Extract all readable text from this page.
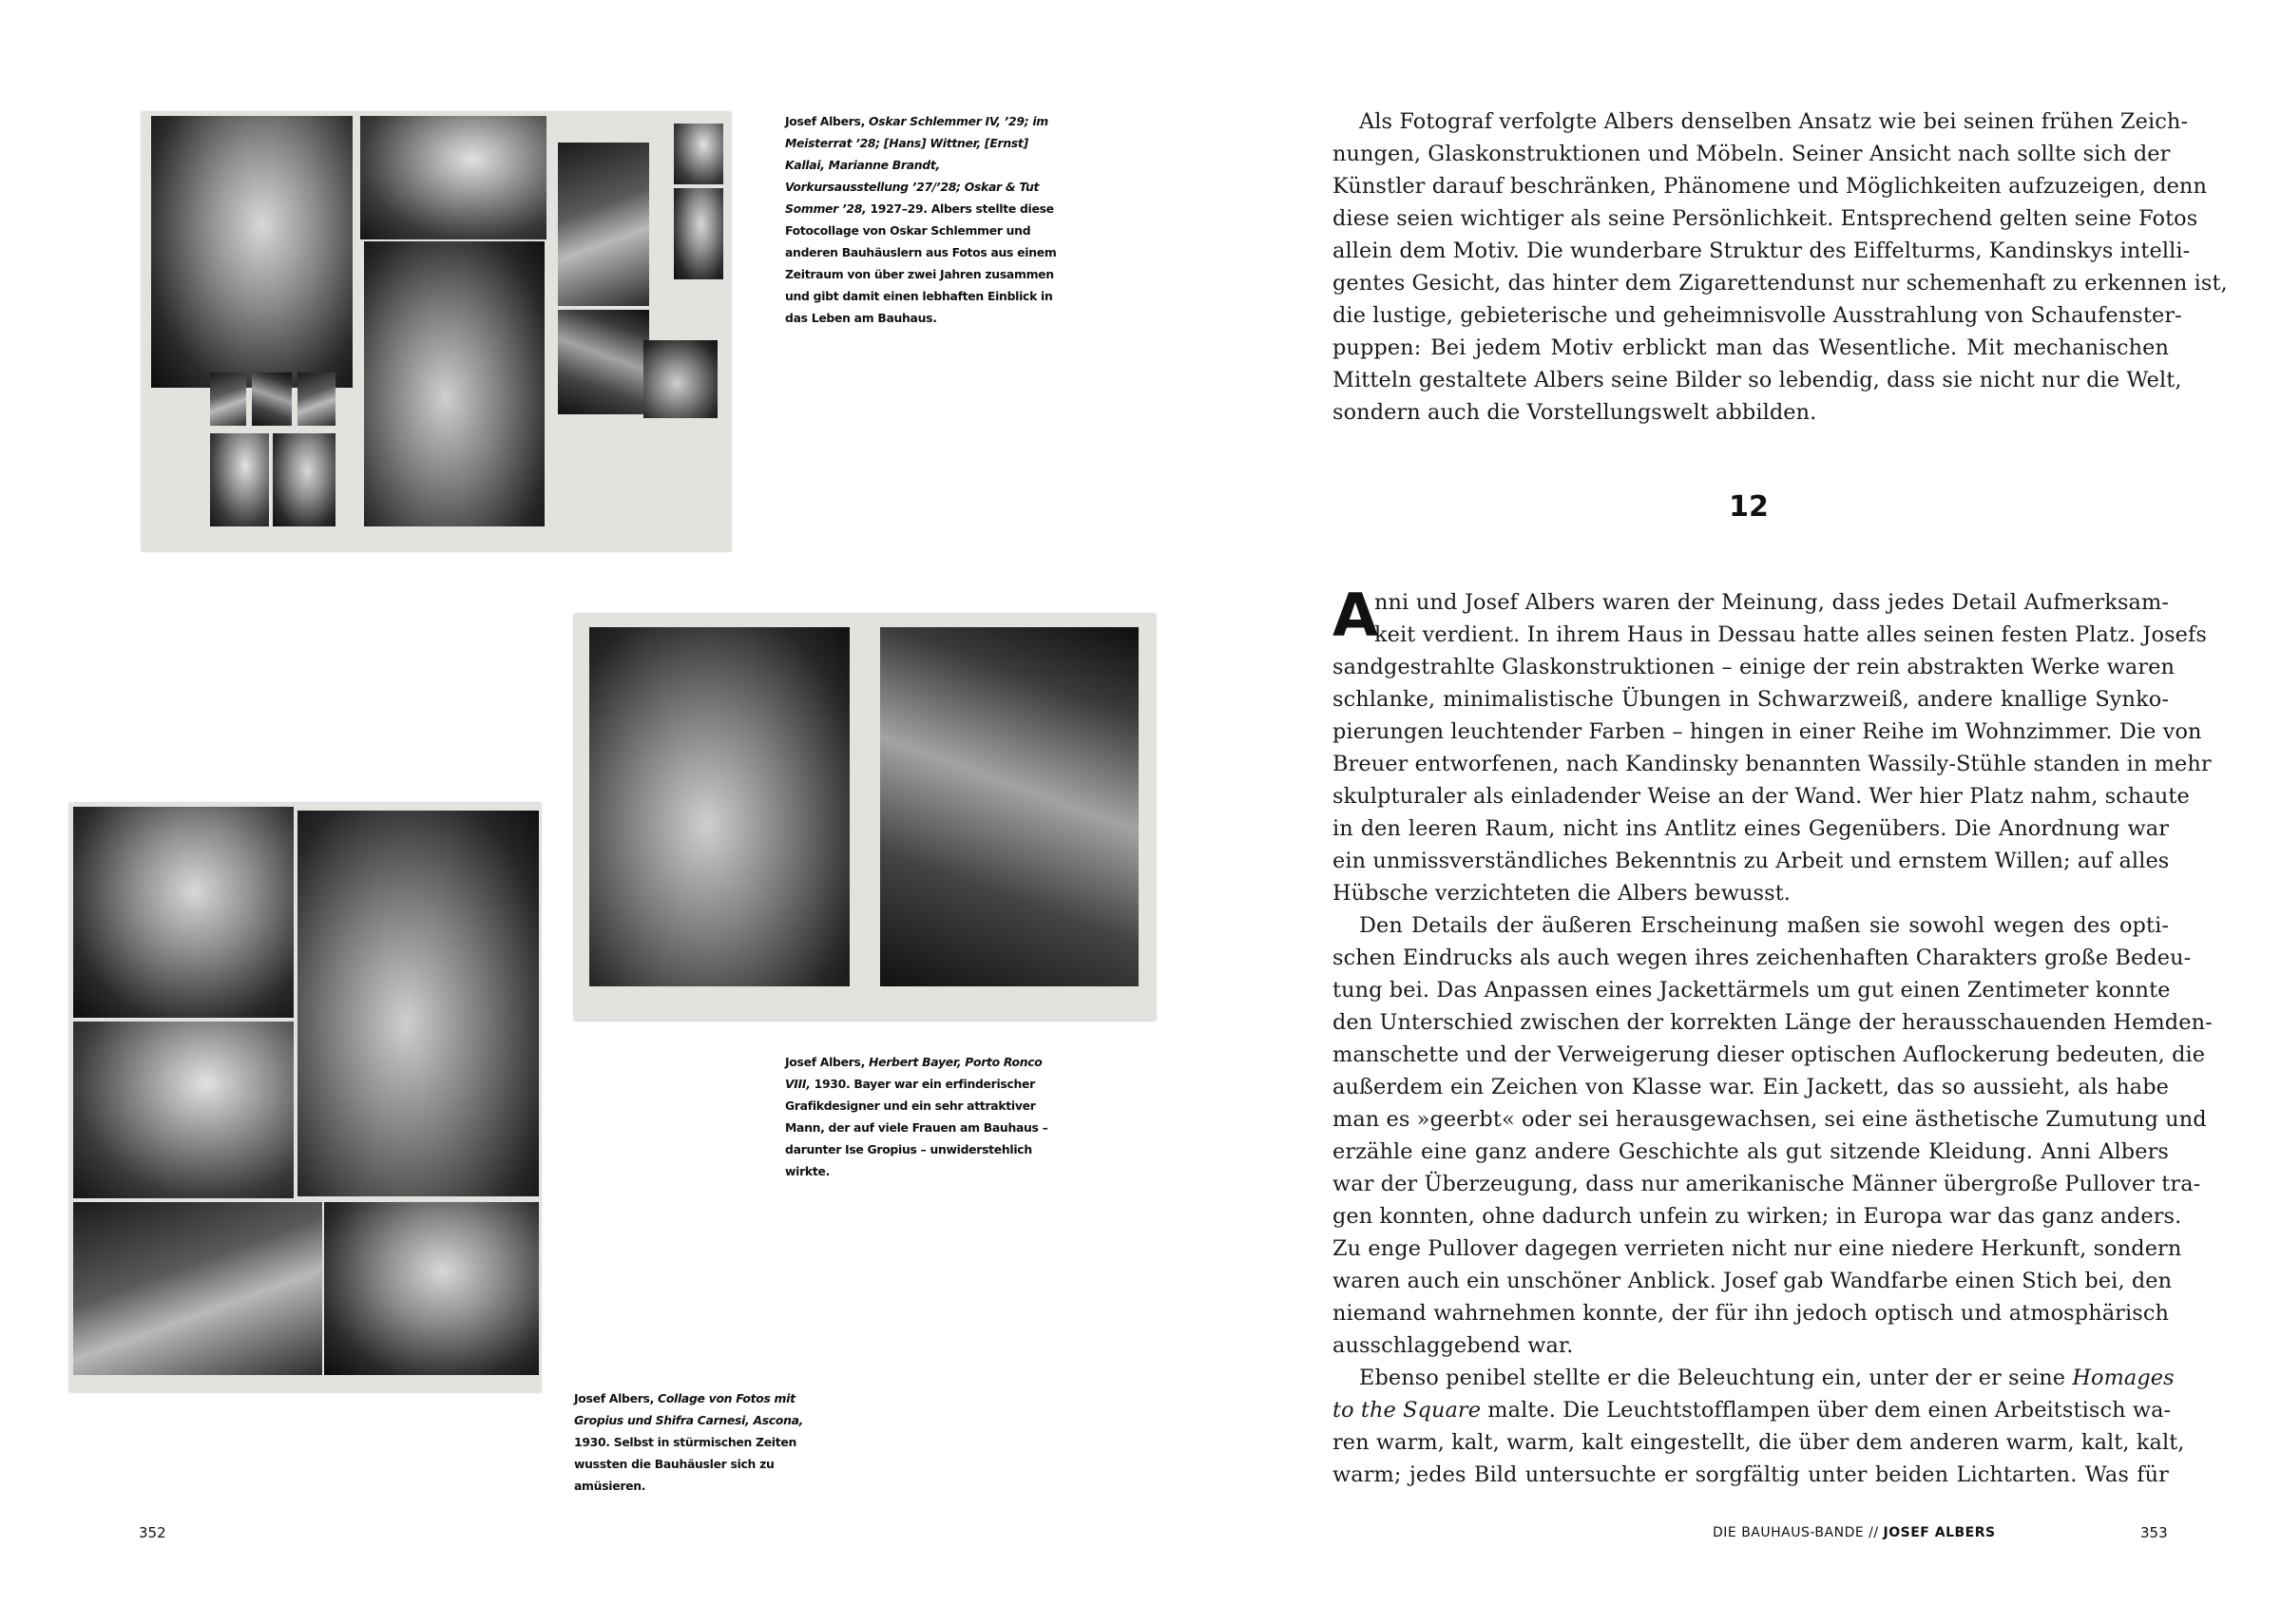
Josef Albers, Oskar Schlemmer IV, ’29; im Meisterrat ’28; [Hans] Wittner, [Ernst] Kallai, Marianne Brandt, Vorkursausstellung ’27/’28; Oskar & Tut Sommer ’28, 1927–29. Albers stellte diese Fotocollage von Oskar Schlemmer und anderen Bauhäuslern aus Fotos aus einem Zeitraum von über zwei Jahren zusammen und gibt damit einen lebhaften Einblick in das Leben am Bauhaus.
Josef Albers, Herbert Bayer, Porto Ronco VIII, 1930. Bayer war ein erfinderischer Grafikdesigner und ein sehr attraktiver Mann, der auf viele Frauen am Bauhaus – darunter Ise Gropius – unwiderstehlich wirkte.
Josef Albers, Collage von Fotos mit Gropius und Shifra Carnesi, Ascona, 1930. Selbst in stürmischen Zeiten wussten die Bauhäusler sich zu amüsieren.
352
Als Fotograf verfolgte Albers denselben Ansatz wie bei seinen frühen Zeich-
nungen, Glaskonstruktionen und Möbeln. Seiner Ansicht nach sollte sich der
Künstler darauf beschränken, Phänomene und Möglichkeiten aufzuzeigen, denn
diese seien wichtiger als seine Persönlichkeit. Entsprechend gelten seine Fotos
allein dem Motiv. Die wunderbare Struktur des Eiffelturms, Kandinskys intelli-
gentes Gesicht, das hinter dem Zigarettendunst nur schemenhaft zu erkennen ist,
die lustige, gebieterische und geheimnisvolle Ausstrahlung von Schaufenster-
puppen: Bei jedem Motiv erblickt man das Wesentliche. Mit mechanischen
Mitteln gestaltete Albers seine Bilder so lebendig, dass sie nicht nur die Welt,
sondern auch die Vorstellungswelt abbilden.
12
A
nni und Josef Albers waren der Meinung, dass jedes Detail Aufmerksam-
keit verdient. In ihrem Haus in Dessau hatte alles seinen festen Platz. Josefs
sandgestrahlte Glaskonstruktionen – einige der rein abstrakten Werke waren
schlanke, minimalistische Übungen in Schwarzweiß, andere knallige Synko-
pierungen leuchtender Farben – hingen in einer Reihe im Wohnzimmer. Die von
Breuer entworfenen, nach Kandinsky benannten Wassily-Stühle standen in mehr
skulpturaler als einladender Weise an der Wand. Wer hier Platz nahm, schaute
in den leeren Raum, nicht ins Antlitz eines Gegenübers. Die Anordnung war
ein unmissverständliches Bekenntnis zu Arbeit und ernstem Willen; auf alles
Hübsche verzichteten die Albers bewusst.
Den Details der äußeren Erscheinung maßen sie sowohl wegen des opti-
schen Eindrucks als auch wegen ihres zeichenhaften Charakters große Bedeu-
tung bei. Das Anpassen eines Jackettärmels um gut einen Zentimeter konnte
den Unterschied zwischen der korrekten Länge der herausschauenden Hemden-
manschette und der Verweigerung dieser optischen Auflockerung bedeuten, die
außerdem ein Zeichen von Klasse war. Ein Jackett, das so aussieht, als habe
man es »geerbt« oder sei herausgewachsen, sei eine ästhetische Zumutung und
erzähle eine ganz andere Geschichte als gut sitzende Kleidung. Anni Albers
war der Überzeugung, dass nur amerikanische Männer übergroße Pullover tra-
gen konnten, ohne dadurch unfein zu wirken; in Europa war das ganz anders.
Zu enge Pullover dagegen verrieten nicht nur eine niedere Herkunft, sondern
waren auch ein unschöner Anblick. Josef gab Wandfarbe einen Stich bei, den
niemand wahrnehmen konnte, der für ihn jedoch optisch und atmosphärisch
ausschlaggebend war.
Ebenso penibel stellte er die Beleuchtung ein, unter der er seine Homages
to the Square malte. Die Leuchtstofflampen über dem einen Arbeitstisch wa-
ren warm, kalt, warm, kalt eingestellt, die über dem anderen warm, kalt, kalt,
warm; jedes Bild untersuchte er sorgfältig unter beiden Lichtarten. Was für
DIE BAUHAUS-BANDE // JOSEF ALBERS	353
